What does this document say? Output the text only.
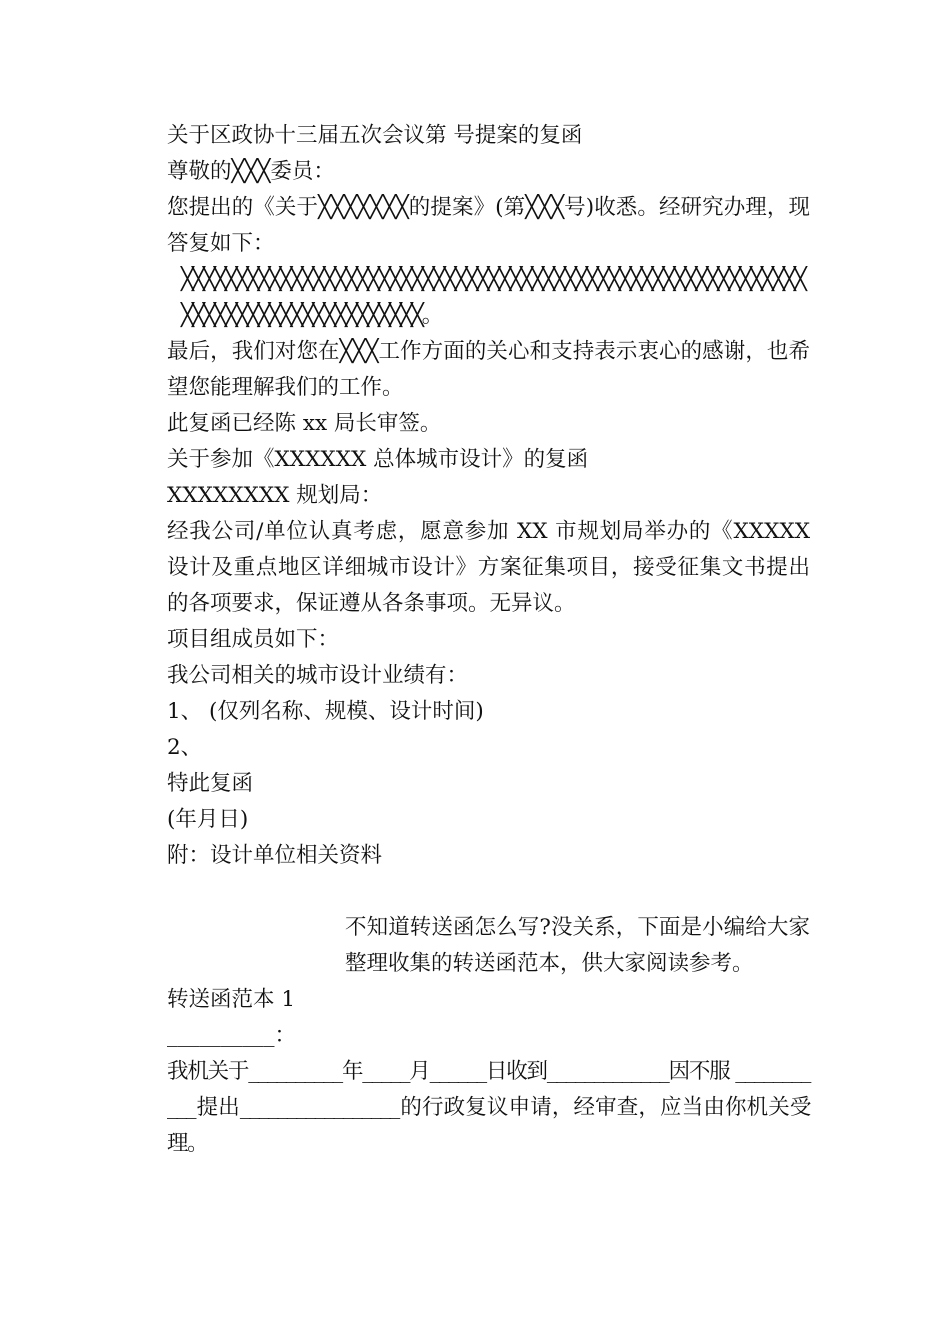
关于区政协十三届五次会议第 号提案的复函
尊敬的╳╳╳委员：
您提出的《关于╳╳╳╳╳╳╳的提案》(第╳╳╳号)收悉。经研究办理，现答复如下：
╳╳╳╳╳╳╳╳╳╳╳╳╳╳╳╳╳╳╳╳╳╳╳╳╳╳╳╳╳╳╳╳╳╳╳╳╳╳╳╳╳╳╳╳╳╳╳╳╳╳╳╳╳╳╳╳╳╳╳╳╳╳╳╳╳╳╳╳╳╳╳╳╳╳╳╳╳╳╳。
最后，我们对您在╳╳╳工作方面的关心和支持表示衷心的感谢，也希望您能理解我们的工作。
此复函已经陈 xx 局长审签。
关于参加《XXXXXX 总体城市设计》的复函
XXXXXXXX 规划局：
经我公司/单位认真考虑，愿意参加 XX 市规划局举办的《XXXXX 设计及重点地区详细城市设计》方案征集项目，接受征集文书提出的各项要求，保证遵从各条事项。无异议。
项目组成员如下：
我公司相关的城市设计业绩有：
1、 (仅列名称、规模、设计时间)
2、
特此复函
(年月日)
附：设计单位相关资料
不知道转送函怎么写?没关系，下面是小编给大家整理收集的转送函范本，供大家阅读参考。
转送函范本 1
__________：
我机关于__________年_____月______日收到_____________因不服 ___________提出_________________的行政复议申请，经审查，应当由你机关受理。
